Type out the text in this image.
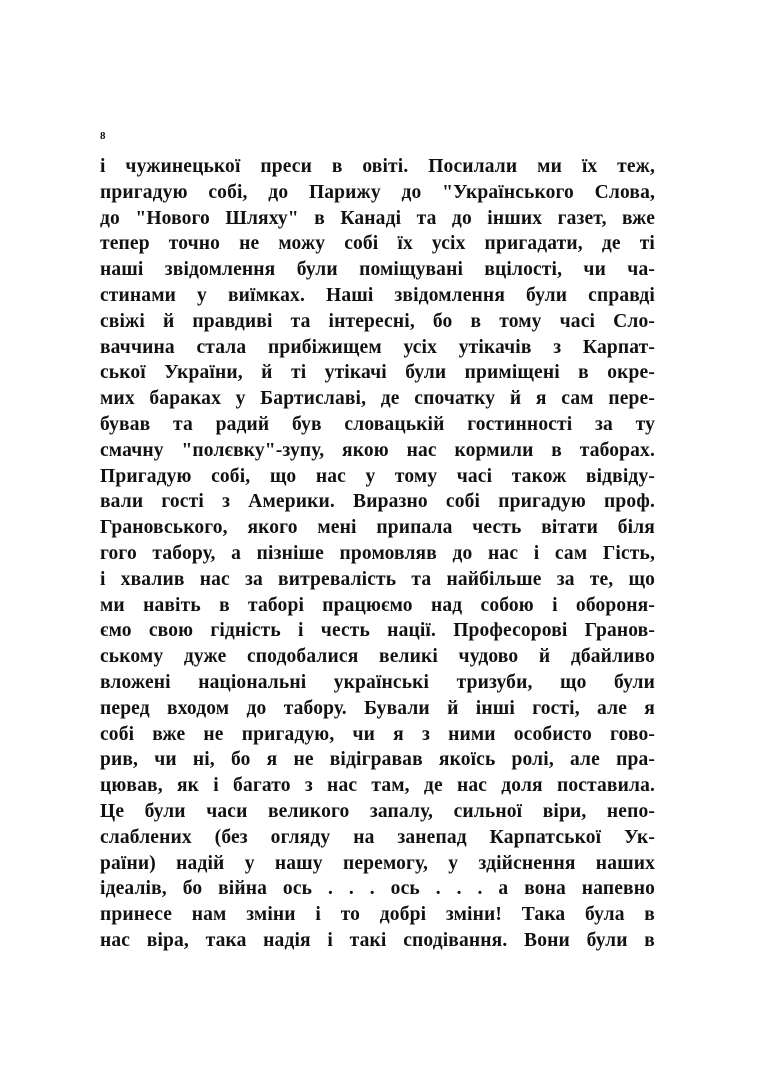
8
і чужинецької преси в овіті. Посилали ми їх теж,
пригадую собі, до Парижу до "Українського Слова,
до "Нового Шляху" в Канаді та до інших газет, вже
тепер точно не можу собі їх усіх пригадати, де ті
наші звідомлення були поміщувані вцілості, чи ча-
стинами у виїмках. Наші звідомлення були справді
свіжі й правдиві та інтересні, бо в тому часі Сло-
ваччина стала прибіжищем усіх утікачів з Карпат-
ської України, й ті утікачі були приміщені в окре-
мих бараках у Бартиславі, де спочатку й я сам пере-
бував та радий був словацькій гостинності за ту
смачну "полєвку"-зупу, якою нас кормили в таборах.
Пригадую собі, що нас у тому часі також відвіду-
вали гості з Америки. Виразно собі пригадую проф.
Грановського, якого мені припала честь вітати біля
гого табору, а пізніше промовляв до нас і сам Гість,
і хвалив нас за витревалість та найбільше за те, що
ми навіть в таборі працюємо над собою і обороня-
ємо свою гідність і честь нації. Професорові Гранов-
ському дуже сподобалися великі чудово й дбайливо
вложені національні українські тризуби, що були
перед входом до табору. Бували й інші гості, але я
собі вже не пригадую, чи я з ними особисто гово-
рив, чи ні, бо я не відігравав якоїсь ролі, але пра-
цював, як і багато з нас там, де нас доля поставила.
Це були часи великого запалу, сильної віри, непо-
слаблених (без огляду на занепад Карпатської Ук-
раїни) надій у нашу перемогу, у здійснення наших
ідеалів, бо війна ось . . . ось . . . а вона напевно
принесе нам зміни і то добрі зміни! Така була в
нас віра, така надія і такі сподівання. Вони були в
